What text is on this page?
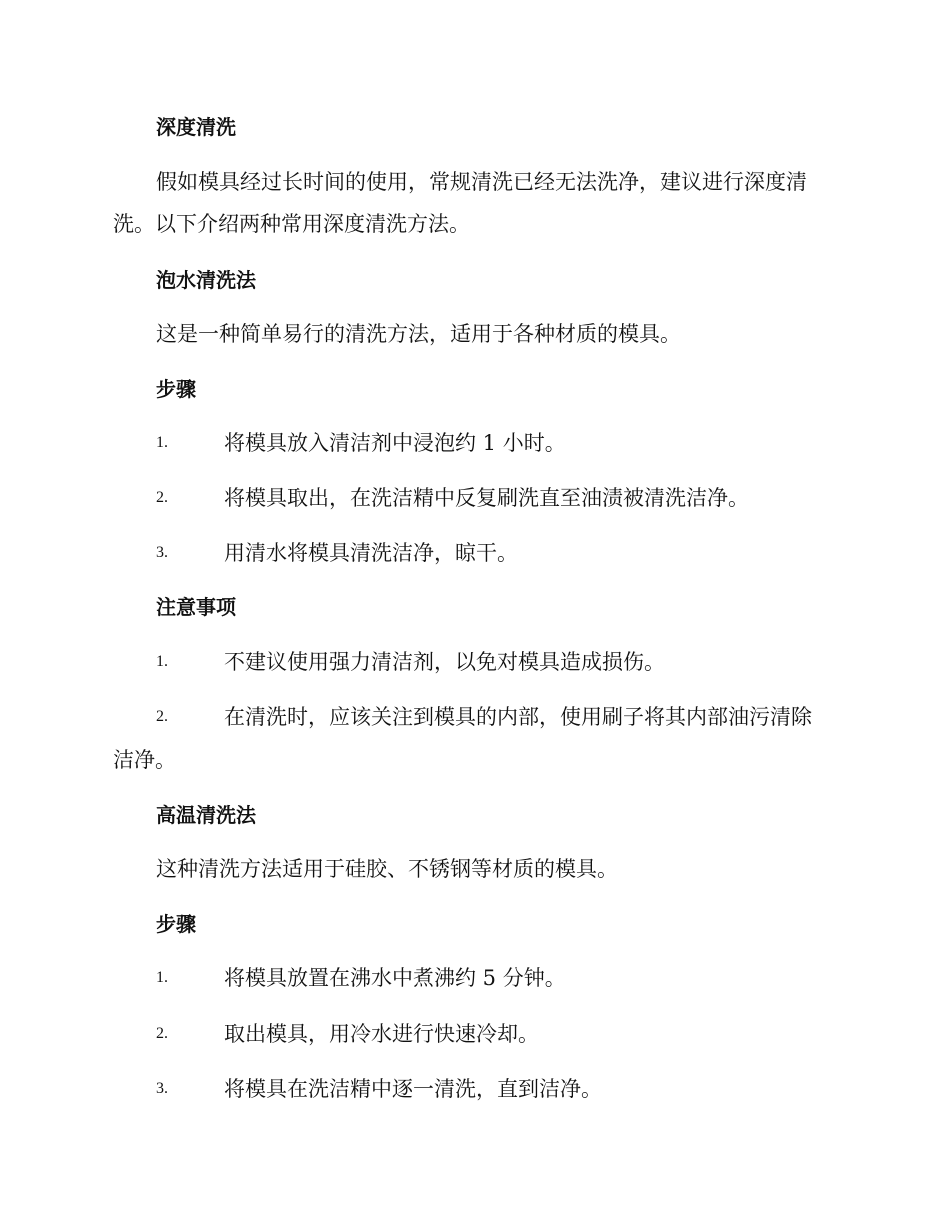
深度清洗
假如模具经过长时间的使用，常规清洗已经无法洗净，建议进行深度清
洗。以下介绍两种常用深度清洗方法。
泡水清洗法
这是一种简单易行的清洗方法，适用于各种材质的模具。
步骤
1.	将模具放入清洁剂中浸泡约 1 小时。
2.	将模具取出，在洗洁精中反复刷洗直至油渍被清洗洁净。
3.	用清水将模具清洗洁净，晾干。
注意事项
1.	不建议使用强力清洁剂，以免对模具造成损伤。
2.	在清洗时，应该关注到模具的内部，使用刷子将其内部油污清除
洁净。
高温清洗法
这种清洗方法适用于硅胶、不锈钢等材质的模具。
步骤
1.	将模具放置在沸水中煮沸约 5 分钟。
2.	取出模具，用冷水进行快速冷却。
3.	将模具在洗洁精中逐一清洗，直到洁净。
